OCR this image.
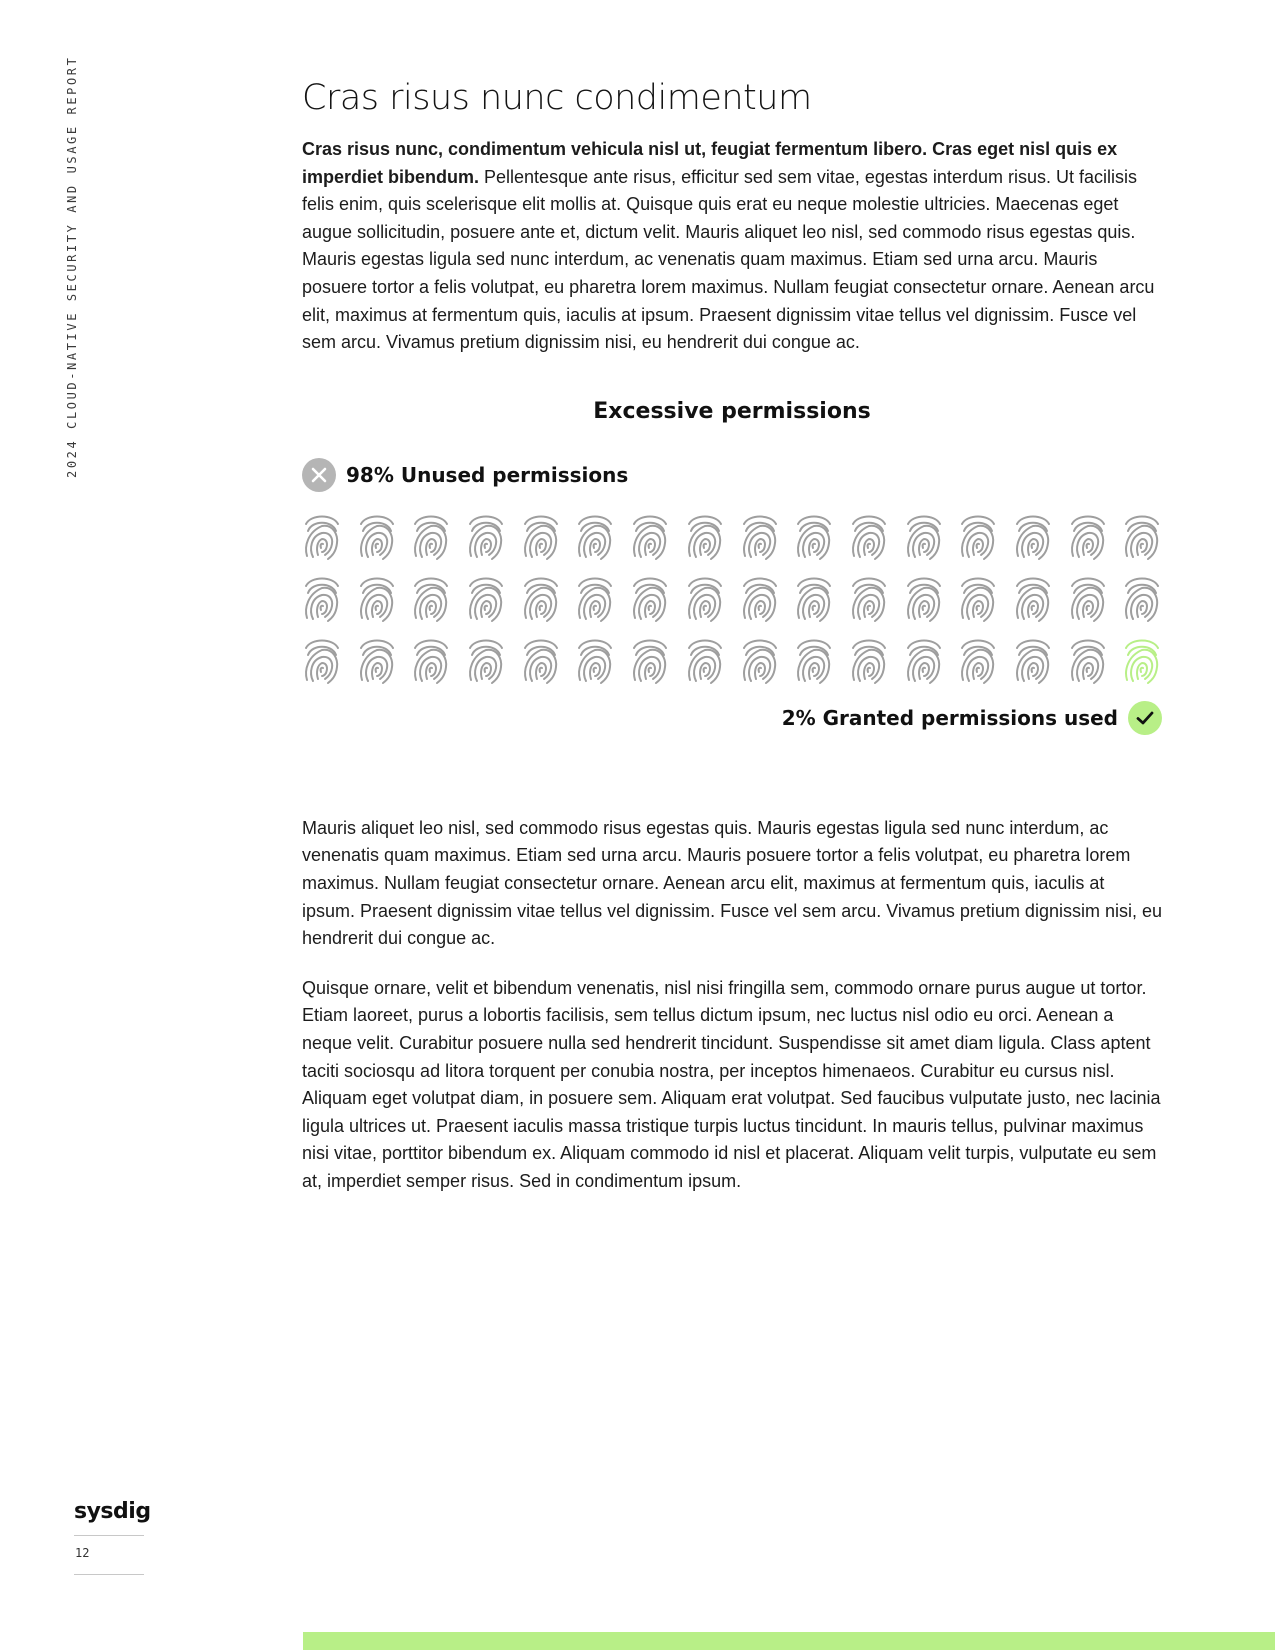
2024 CLOUD-NATIVE SECURITY AND USAGE REPORT	Cras risus nunc condimentum

Cras risus nunc, condimentum vehicula nisl ut, feugiat fermentum libero. Cras eget nisl quis ex imperdiet bibendum. Pellentesque ante risus, efficitur sed sem vitae, egestas interdum risus. Ut facilisis felis enim, quis scelerisque elit mollis at. Quisque quis erat eu neque molestie ultricies. Maecenas eget augue sollicitudin, posuere ante et, dictum velit. Mauris aliquet leo nisl, sed commodo risus egestas quis. Mauris egestas ligula sed nunc interdum, ac venenatis quam maximus. Etiam sed urna arcu. Mauris posuere tortor a felis volutpat, eu pharetra lorem maximus. Nullam feugiat consectetur ornare. Aenean arcu elit, maximus at fermentum quis, iaculis at ipsum. Praesent dignissim vitae tellus vel dignissim. Fusce vel sem arcu. Vivamus pretium dignissim nisi, eu hendrerit dui congue ac.

Excessive permissions
98% Unused permissions
2% Granted permissions used

Mauris aliquet leo nisl, sed commodo risus egestas quis. Mauris egestas ligula sed nunc interdum, ac venenatis quam maximus. Etiam sed urna arcu. Mauris posuere tortor a felis volutpat, eu pharetra lorem maximus. Nullam feugiat consectetur ornare. Aenean arcu elit, maximus at fermentum quis, iaculis at ipsum. Praesent dignissim vitae tellus vel dignissim. Fusce vel sem arcu. Vivamus pretium dignissim nisi, eu hendrerit dui congue ac.

Quisque ornare, velit et bibendum venenatis, nisl nisi fringilla sem, commodo ornare purus augue ut tortor. Etiam laoreet, purus a lobortis facilisis, sem tellus dictum ipsum, nec luctus nisl odio eu orci. Aenean a neque velit. Curabitur posuere nulla sed hendrerit tincidunt. Suspendisse sit amet diam ligula. Class aptent taciti sociosqu ad litora torquent per conubia nostra, per inceptos himenaeos. Curabitur eu cursus nisl. Aliquam eget volutpat diam, in posuere sem. Aliquam erat volutpat. Sed faucibus vulputate justo, nec lacinia ligula ultrices ut. Praesent iaculis massa tristique turpis luctus tincidunt. In mauris tellus, pulvinar maximus nisi vitae, porttitor bibendum ex. Aliquam commodo id nisl et placerat. Aliquam velit turpis, vulputate eu sem at, imperdiet semper risus. Sed in condimentum ipsum.

sysdig
12
